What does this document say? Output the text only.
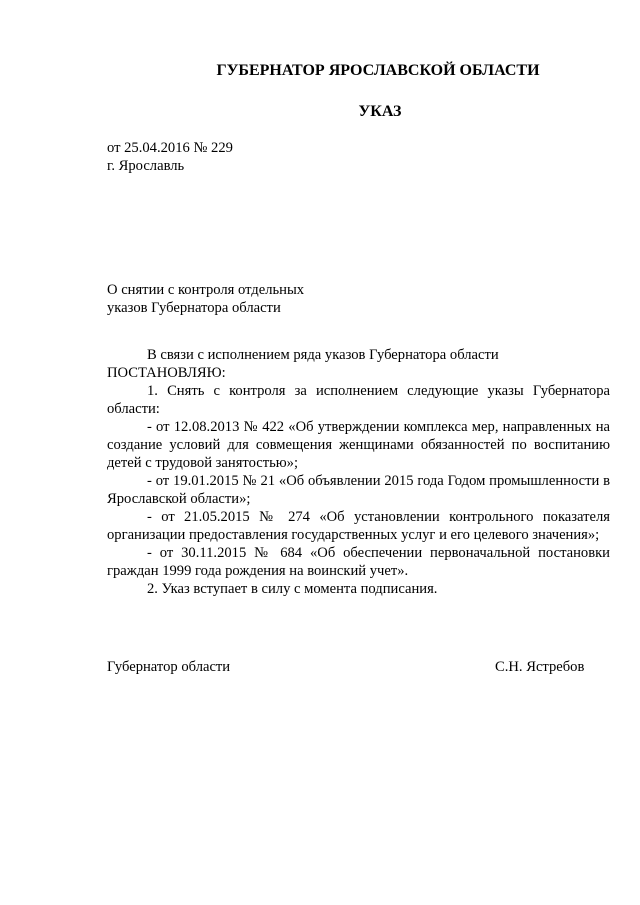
ГУБЕРНАТОР ЯРОСЛАВСКОЙ ОБЛАСТИ
УКАЗ
от 25.04.2016 № 229
г. Ярославль
О снятии с контроля отдельных
указов Губернатора области

В связи с исполнением ряда указов Губернатора области

ПОСТАНОВЛЯЮ:

1. Снять с контроля за исполнением следующие указы Губернатора области:

- от 12.08.2013 № 422 «Об утверждении комплекса мер, направленных на создание условий для совмещения женщинами обязанностей по воспитанию детей с трудовой занятостью»;

- от 19.01.2015 № 21 «Об объявлении 2015 года Годом промышленности в Ярославской области»;

- от 21.05.2015 № 274 «Об установлении контрольного показателя организации предоставления государственных услуг и его целевого значения»;

- от 30.11.2015 № 684 «Об обеспечении первоначальной постановки граждан 1999 года рождения на воинский учет».

2. Указ вступает в силу с момента подписания.

Губернатор области	С.Н. Ястребов
